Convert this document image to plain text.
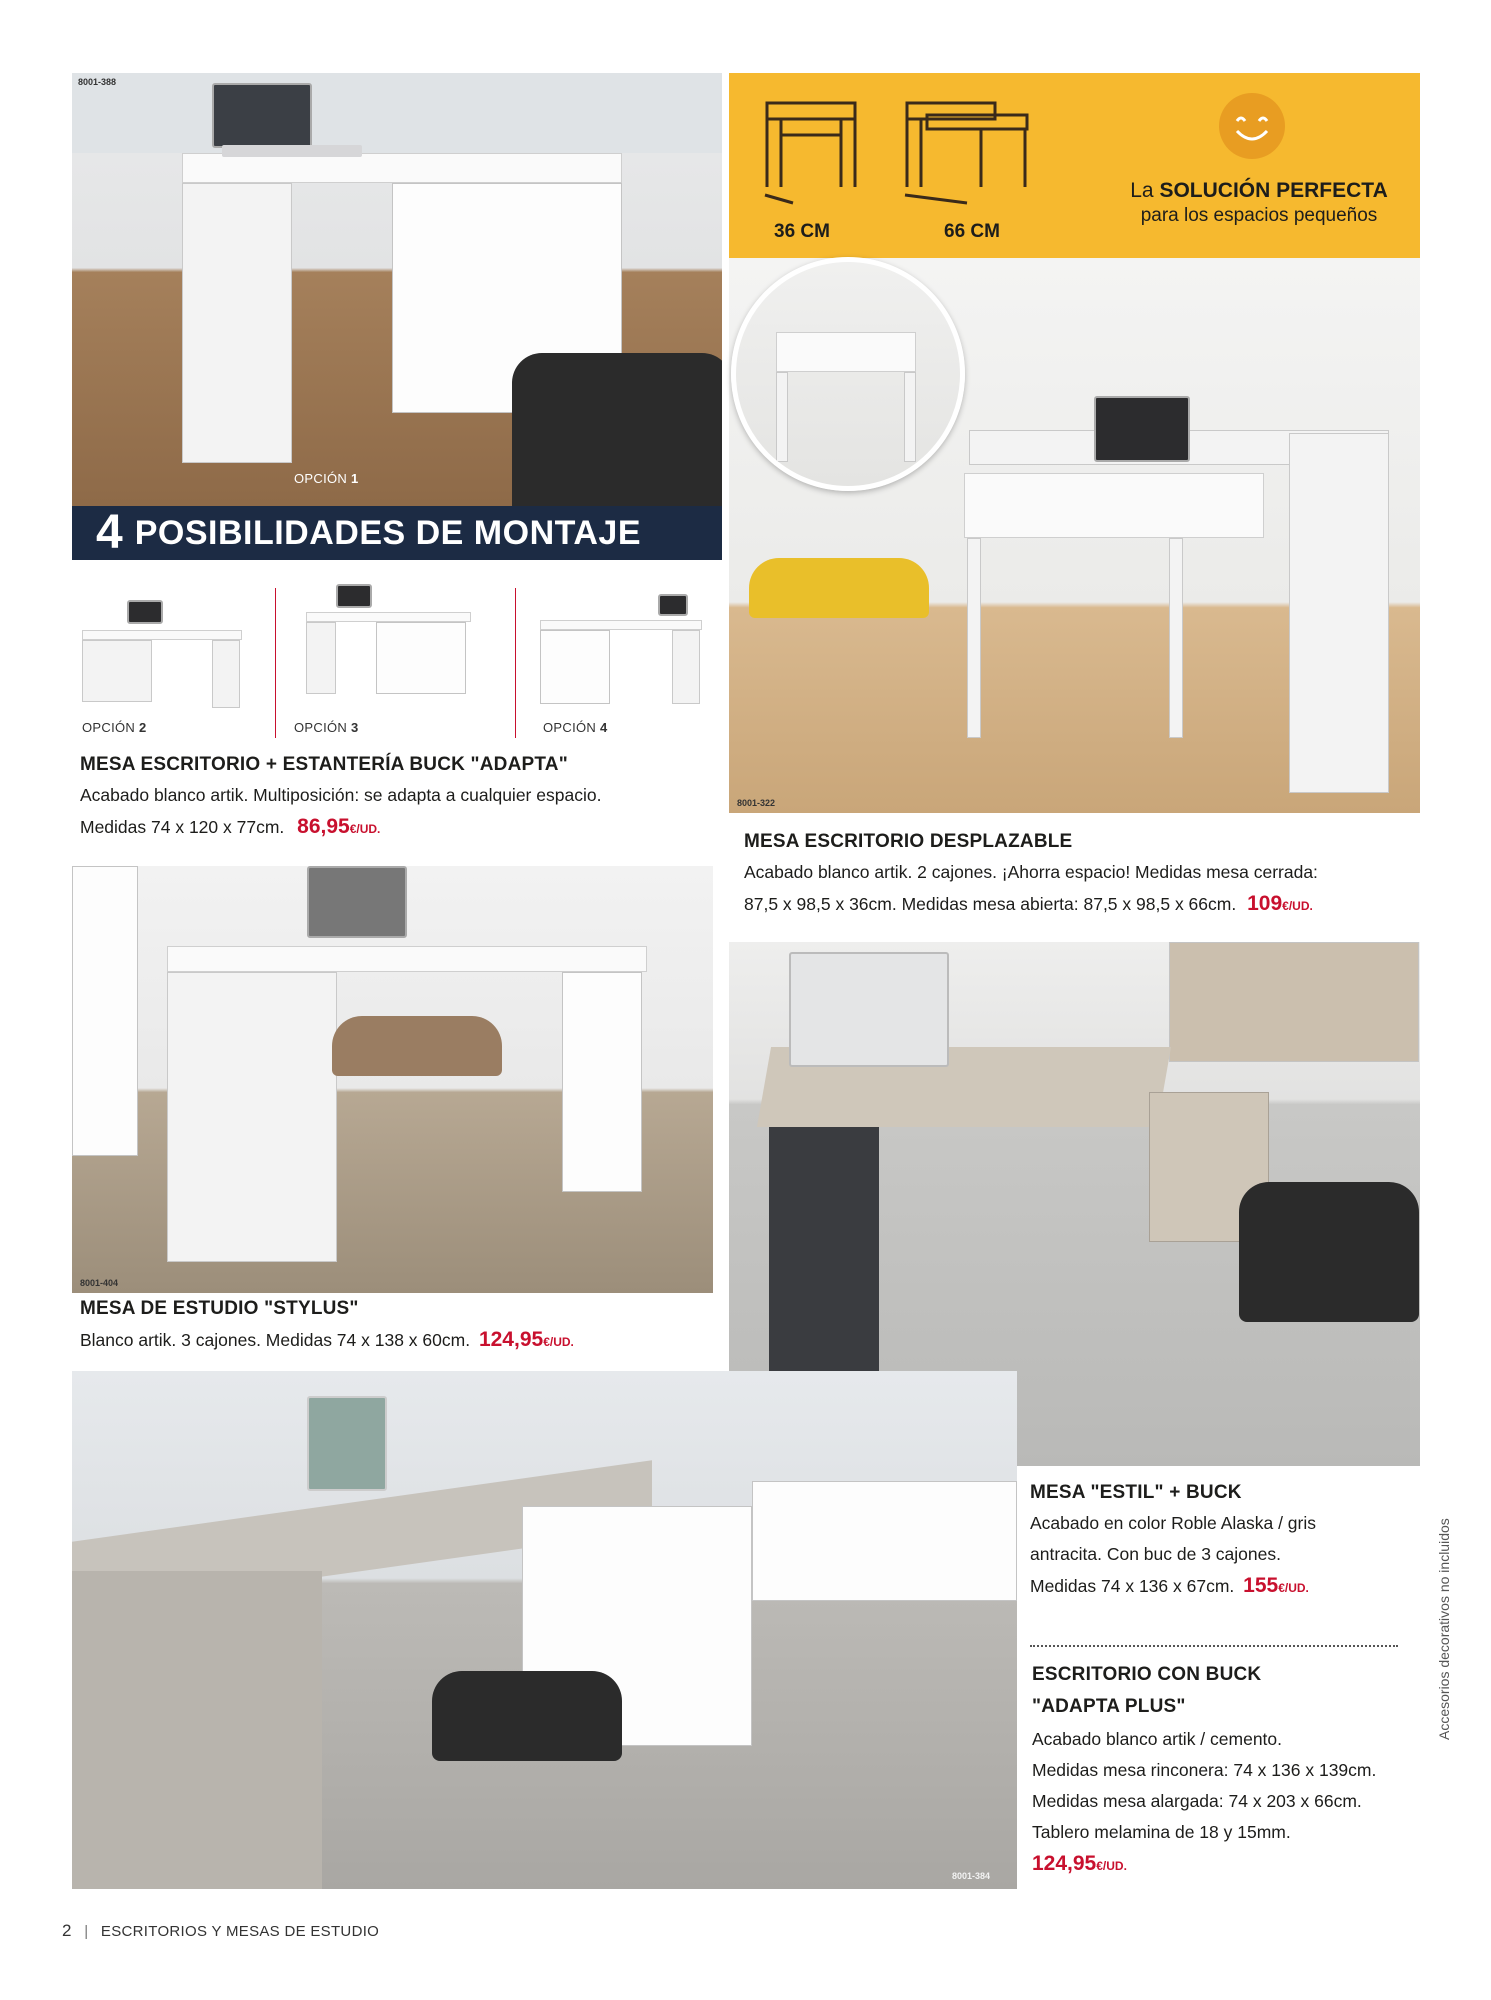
8001-388
OPCIÓN 1
4 POSIBILIDADES DE MONTAJE
OPCIÓN 2	OPCIÓN 3	OPCIÓN 4
MESA ESCRITORIO + ESTANTERÍA BUCK "ADAPTA"
Acabado blanco artik. Multiposición: se adapta a cualquier espacio.
Medidas 74 x 120 x 77cm. 86,95€/UD.
36 CM	66 CM
La SOLUCIÓN PERFECTA
para los espacios pequeños
8001-322
MESA ESCRITORIO DESPLAZABLE
Acabado blanco artik. 2 cajones. ¡Ahorra espacio! Medidas mesa cerrada:
87,5 x 98,5 x 36cm. Medidas mesa abierta: 87,5 x 98,5 x 66cm. 109€/UD.
8001-404
MESA DE ESTUDIO "STYLUS"
Blanco artik. 3 cajones. Medidas 74 x 138 x 60cm. 124,95€/UD.
MESA "ESTIL" + BUCK
Acabado en color Roble Alaska / gris
antracita. Con buc de 3 cajones.
Medidas 74 x 136 x 67cm. 155€/UD.
8001-384
ESCRITORIO CON BUCK
"ADAPTA PLUS"
Acabado blanco artik / cemento.
Medidas mesa rinconera: 74 x 136 x 139cm.
Medidas mesa alargada: 74 x 203 x 66cm.
Tablero melamina de 18 y 15mm.
124,95€/UD.
Accesorios decorativos no incluidos
2 | ESCRITORIOS Y MESAS DE ESTUDIO
